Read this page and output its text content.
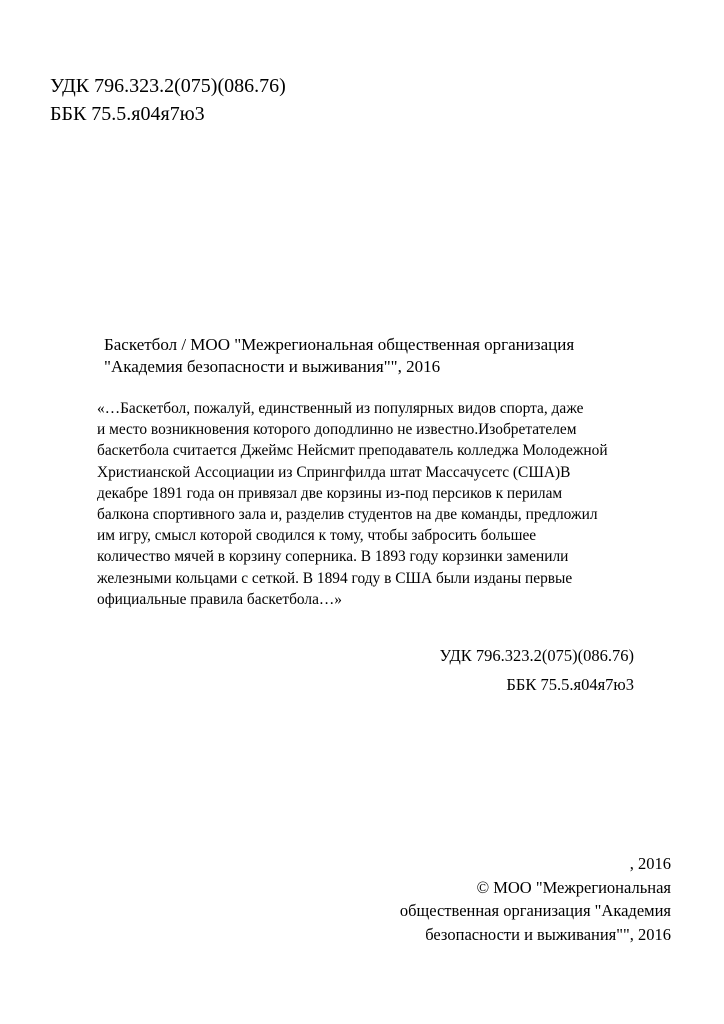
УДК 796.323.2(075)(086.76)
ББК 75.5.я04я7ю3
Баскетбол / МОО "Межрегиональная общественная организация
"Академия безопасности и выживания"", 2016
«…Баскетбол, пожалуй, единственный из популярных видов спорта, даже
и место возникновения которого доподлинно не известно.Изобретателем
баскетбола считается Джеймс Нейсмит преподаватель колледжа Молодежной
Христианской Ассоциации из Спрингфилда штат Массачусетс (США)В
декабре 1891 года он привязал две корзины из-под персиков к перилам
балкона спортивного зала и, разделив студентов на две команды, предложил
им игру, смысл которой сводился к тому, чтобы забросить большее
количество мячей в корзину соперника. В 1893 году корзинки заменили
железными кольцами с сеткой. В 1894 году в США были изданы первые
официальные правила баскетбола…»
УДК 796.323.2(075)(086.76)
ББК 75.5.я04я7ю3
, 2016
© МОО "Межрегиональная
общественная организация "Академия
безопасности и выживания"", 2016
